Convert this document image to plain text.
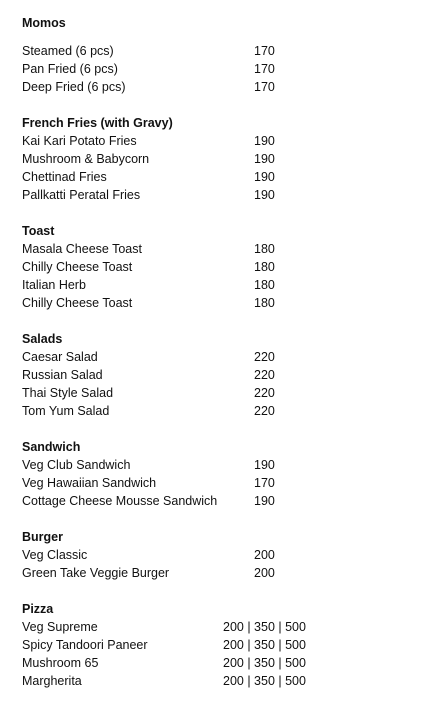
Momos
Steamed (6 pcs)	170
Pan Fried (6 pcs)	170
Deep Fried (6 pcs)	170
French Fries (with Gravy)
Kai Kari Potato Fries	190
Mushroom & Babycorn	190
Chettinad Fries	190
Pallkatti Peratal Fries	190
Toast
Masala Cheese Toast	180
Chilly Cheese Toast	180
Italian Herb	180
Chilly Cheese Toast	180
Salads
Caesar Salad	220
Russian Salad	220
Thai Style Salad	220
Tom Yum Salad	220
Sandwich
Veg Club Sandwich	190
Veg Hawaiian Sandwich	170
Cottage Cheese Mousse Sandwich	190
Burger
Veg Classic	200
Green Take Veggie Burger	200
Pizza
Veg Supreme	200 | 350 | 500
Spicy Tandoori Paneer	200 | 350 | 500
Mushroom 65	200 | 350 | 500
Margherita	200 | 350 | 500
